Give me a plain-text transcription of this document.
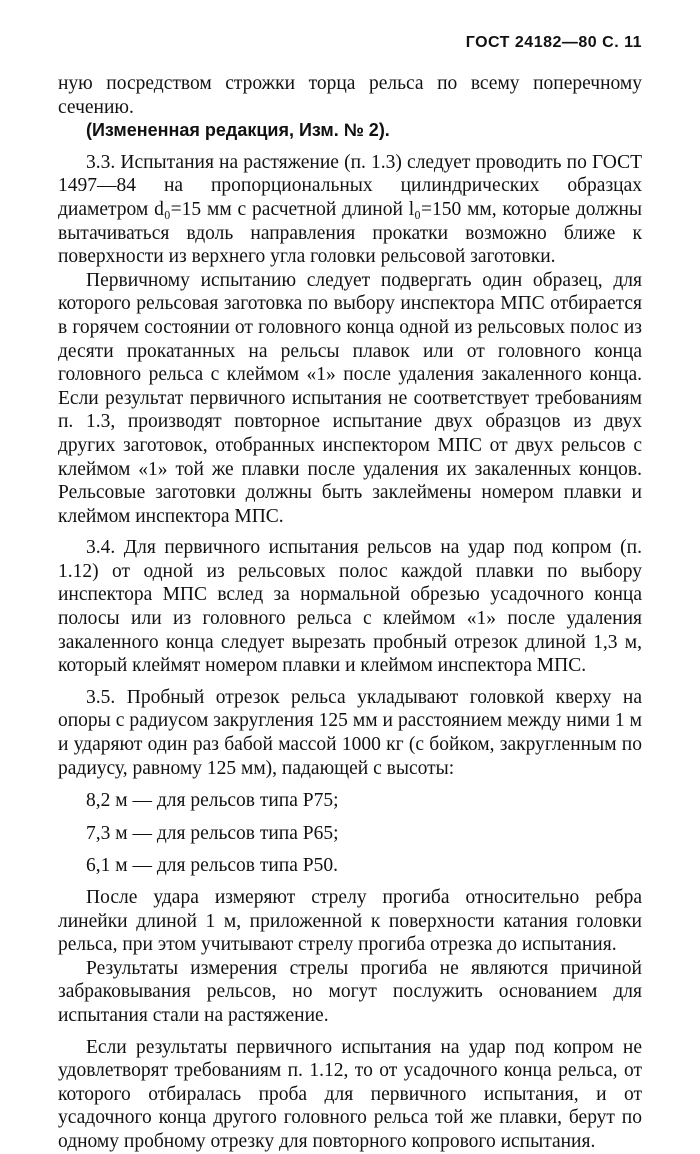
ГОСТ 24182—80 С. 11

ную посредством строжки торца рельса по всему поперечному сечению.

(Измененная редакция, Изм. № 2).

3.3. Испытания на растяжение (п. 1.3) следует проводить по ГОСТ 1497—84 на пропорциональных цилиндрических образцах диаметром d₀=15 мм с расчетной длиной l₀=150 мм, которые должны вытачиваться вдоль направления прокатки возможно ближе к поверхности из верхнего угла головки рельсовой заготовки.

Первичному испытанию следует подвергать один образец, для которого рельсовая заготовка по выбору инспектора МПС отбирается в горячем состоянии от головного конца одной из рельсовых полос из десяти прокатанных на рельсы плавок или от головного конца головного рельса с клеймом «1» после удаления закаленного конца. Если результат первичного испытания не соответствует требованиям п. 1.3, производят повторное испытание двух образцов из двух других заготовок, отобранных инспектором МПС от двух рельсов с клеймом «1» той же плавки после удаления их закаленных концов. Рельсовые заготовки должны быть заклеймены номером плавки и клеймом инспектора МПС.

3.4. Для первичного испытания рельсов на удар под копром (п. 1.12) от одной из рельсовых полос каждой плавки по выбору инспектора МПС вслед за нормальной обрезью усадочного конца полосы или из головного рельса с клеймом «1» после удаления закаленного конца следует вырезать пробный отрезок длиной 1,3 м, который клеймят номером плавки и клеймом инспектора МПС.

3.5. Пробный отрезок рельса укладывают головкой кверху на опоры с радиусом закругления 125 мм и расстоянием между ними 1 м и ударяют один раз бабой массой 1000 кг (с бойком, закругленным по радиусу, равному 125 мм), падающей с высоты:

8,2 м — для рельсов типа Р75;

7,3 м — для рельсов типа Р65;

6,1 м — для рельсов типа Р50.

После удара измеряют стрелу прогиба относительно ребра линейки длиной 1 м, приложенной к поверхности катания головки рельса, при этом учитывают стрелу прогиба отрезка до испытания.

Результаты измерения стрелы прогиба не являются причиной забраковывания рельсов, но могут послужить основанием для испытания стали на растяжение.

Если результаты первичного испытания на удар под копром не удовлетворят требованиям п. 1.12, то от усадочного конца рельса, от которого отбиралась проба для первичного испытания, и от усадочного конца другого головного рельса той же плавки, берут по одному пробному отрезку для повторного копрового испытания.
